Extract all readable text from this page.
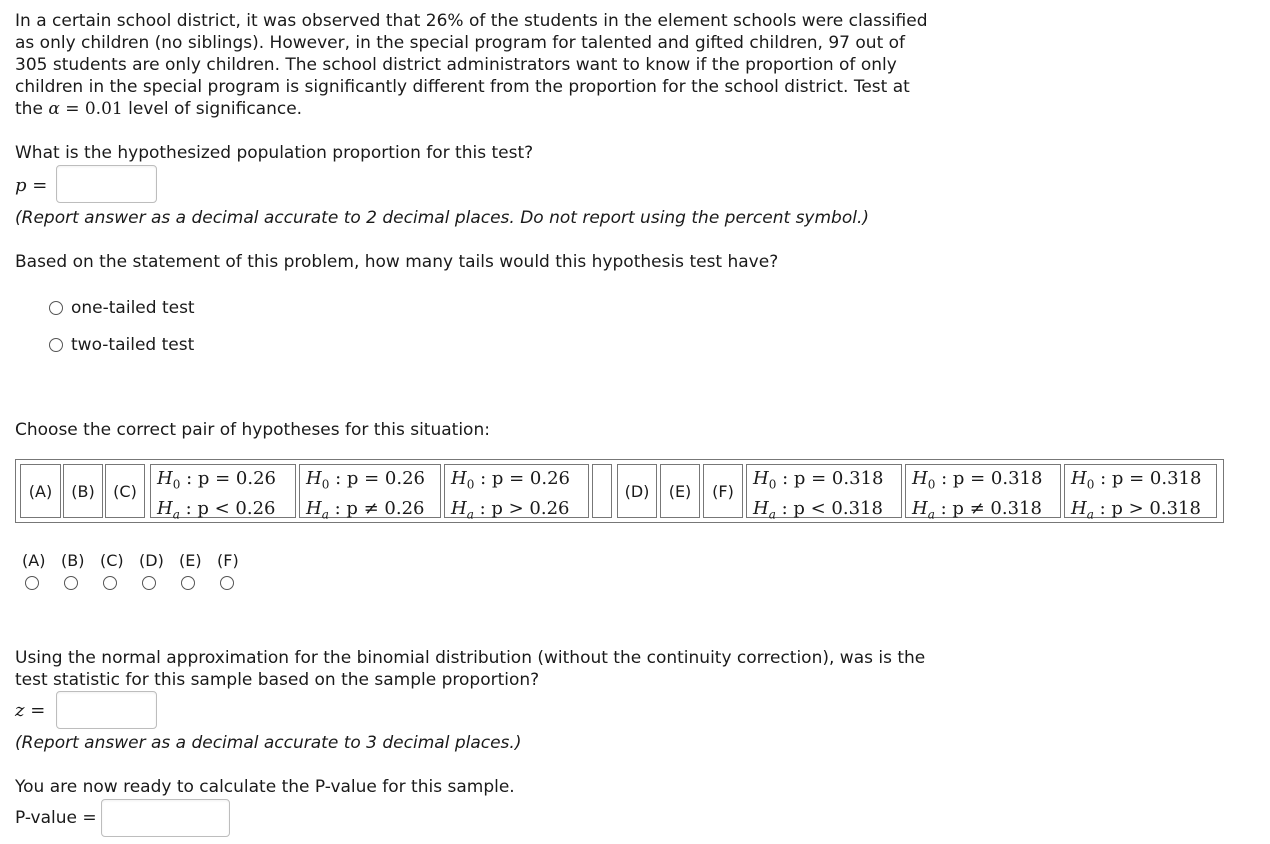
In a certain school district, it was observed that 26% of the students in the element schools were classified
as only children (no siblings). However, in the special program for talented and gifted children, 97 out of
305 students are only children. The school district administrators want to know if the proportion of only
children in the special program is significantly different from the proportion for the school district. Test at
the α = 0.01 level of significance.
What is the hypothesized population proportion for this test?
p =
(Report answer as a decimal accurate to 2 decimal places. Do not report using the percent symbol.)
Based on the statement of this problem, how many tails would this hypothesis test have?
one-tailed test
two-tailed test
Choose the correct pair of hypotheses for this situation:
(A)	(B)	(C)
$H_0$ : p = 0.26
$H_a$ : p < 0.26
$H_0$ : p = 0.26
$H_a$ : p ≠ 0.26
$H_0$ : p = 0.26
$H_a$ : p > 0.26
(D)	(E)	(F)
$H_0$ : p = 0.318
$H_a$ : p < 0.318
$H_0$ : p = 0.318
$H_a$ : p ≠ 0.318
$H_0$ : p = 0.318
$H_a$ : p > 0.318
(A) (B) (C) (D) (E) (F)
Using the normal approximation for the binomial distribution (without the continuity correction), was is the
test statistic for this sample based on the sample proportion?
z =
(Report answer as a decimal accurate to 3 decimal places.)
You are now ready to calculate the P-value for this sample.
P-value =
